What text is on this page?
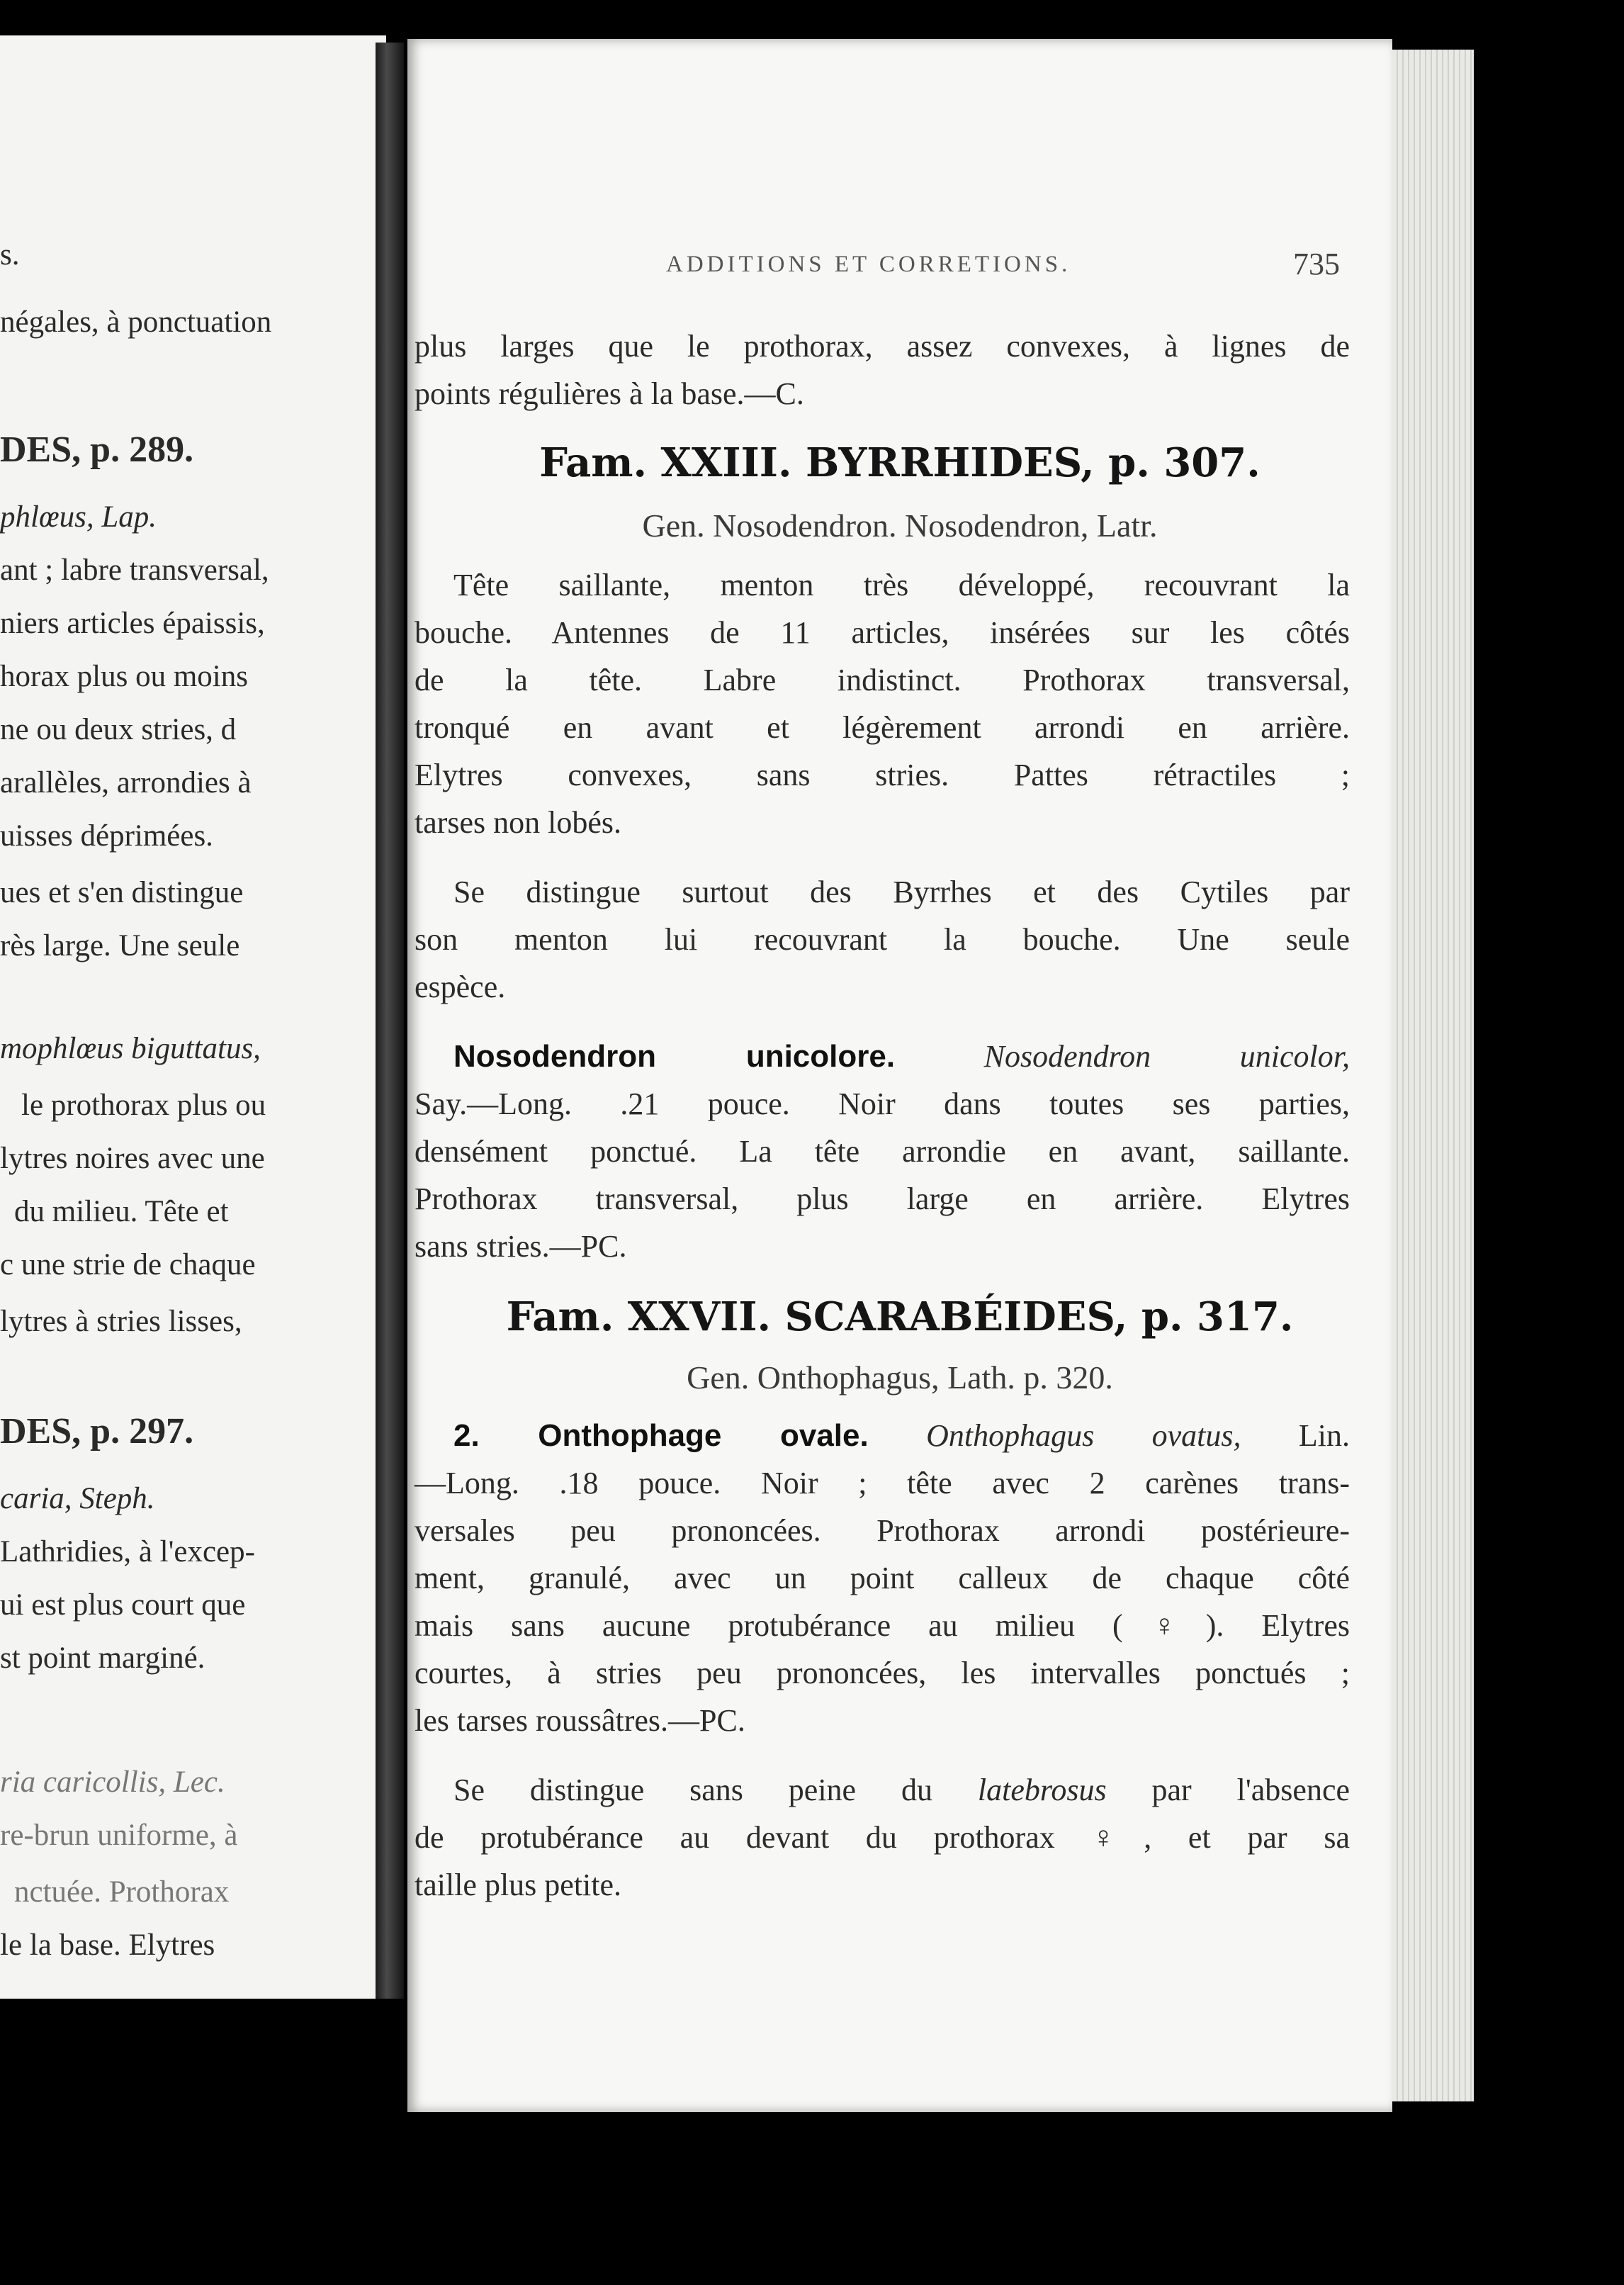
s.
négales, à ponctuation
DES, p. 289.
phlœus, Lap.
ant ; labre transversal,
niers articles épaissis,
horax plus ou moins
ne ou deux stries, d
arallèles, arrondies à
uisses déprimées.
ues et s'en distingue
rès large. Une seule
mophlœus biguttatus,
le prothorax plus ou
lytres noires avec une
du milieu. Tête et
c une strie de chaque
lytres à stries lisses,
DES, p. 297.
caria, Steph.
Lathridies, à l'excep-
ui est plus court que
st point marginé.
ria caricollis, Lec.
re-brun uniforme, à
nctuée. Prothorax
le la base. Elytres
ADDITIONS ET CORRETIONS.	735
plus larges que le prothorax, assez convexes, à lignes de
points régulières à la base.—C.
Fam. XXIII. BYRRHIDES, p. 307.
Gen. Nosodendron. Nosodendron, Latr.
Tête saillante, menton très développé, recouvrant la
bouche. Antennes de 11 articles, insérées sur les côtés
de la tête. Labre indistinct. Prothorax transversal,
tronqué en avant et légèrement arrondi en arrière.
Elytres convexes, sans stries. Pattes rétractiles ;
tarses non lobés.
Se distingue surtout des Byrrhes et des Cytiles par
son menton lui recouvrant la bouche. Une seule
espèce.
Nosodendron unicolore.	Nosodendron unicolor,
Say.—Long. .21 pouce. Noir dans toutes ses parties,
densément ponctué. La tête arrondie en avant, saillante.
Prothorax transversal, plus large en arrière. Elytres
sans stries.—PC.
Fam. XXVII. SCARABÉIDES, p. 317.
Gen. Onthophagus, Lath. p. 320.
2. Onthophage ovale. Onthophagus ovatus, Lin.
—Long. .18 pouce. Noir ; tête avec 2 carènes trans-
versales peu prononcées. Prothorax arrondi postérieure-
ment, granulé, avec un point calleux de chaque côté
mais sans aucune protubérance au milieu (♀). Elytres
courtes, à stries peu prononcées, les intervalles ponctués ;
les tarses roussâtres.—PC.
Se distingue sans peine du latebrosus par l'absence
de protubérance au devant du prothorax ♀, et par sa
taille plus petite.
